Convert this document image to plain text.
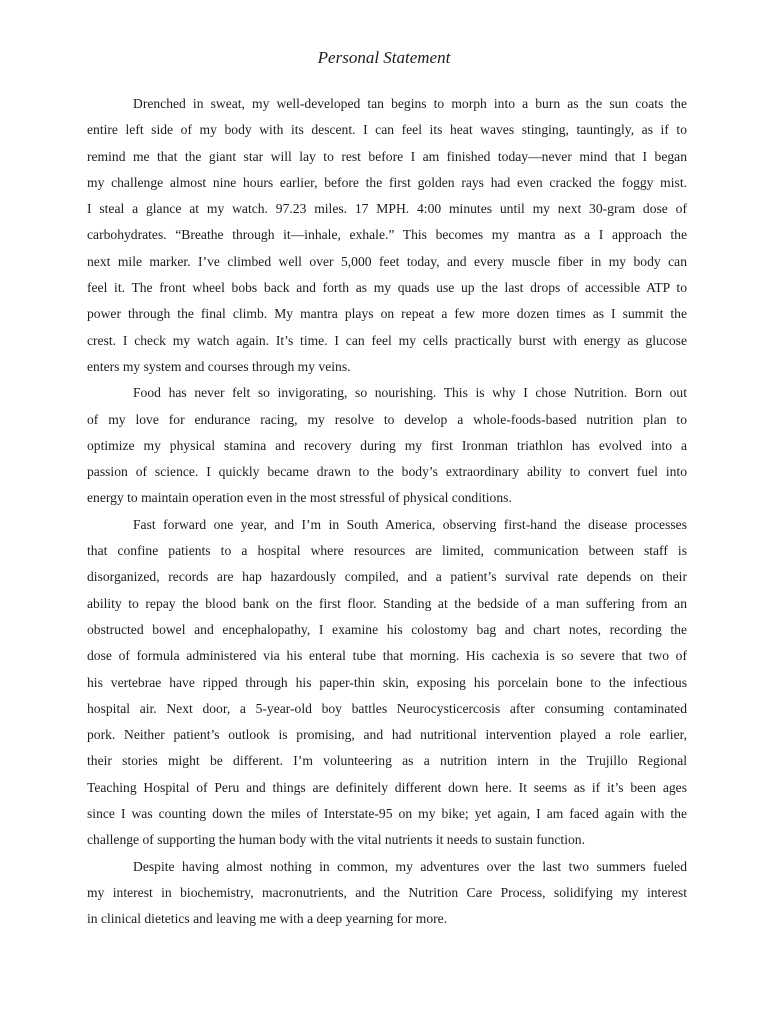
Personal Statement
Drenched in sweat, my well-developed tan begins to morph into a burn as the sun coats the
entire left side of my body with its descent. I can feel its heat waves stinging, tauntingly, as if to
remind me that the giant star will lay to rest before I am finished today—never mind that I began
my challenge almost nine hours earlier, before the first golden rays had even cracked the foggy mist.
I steal a glance at my watch. 97.23 miles. 17 MPH. 4:00 minutes until my next 30-gram dose of
carbohydrates. “Breathe through it—inhale, exhale.” This becomes my mantra as a I approach the
next mile marker. I’ve climbed well over 5,000 feet today, and every muscle fiber in my body can
feel it. The front wheel bobs back and forth as my quads use up the last drops of accessible ATP to
power through the final climb. My mantra plays on repeat a few more dozen times as I summit the
crest. I check my watch again. It’s time. I can feel my cells practically burst with energy as glucose
enters my system and courses through my veins.
Food has never felt so invigorating, so nourishing. This is why I chose Nutrition. Born out
of my love for endurance racing, my resolve to develop a whole-foods-based nutrition plan to
optimize my physical stamina and recovery during my first Ironman triathlon has evolved into a
passion of science. I quickly became drawn to the body’s extraordinary ability to convert fuel into
energy to maintain operation even in the most stressful of physical conditions.
Fast forward one year, and I’m in South America, observing first-hand the disease processes
that confine patients to a hospital where resources are limited, communication between staff is
disorganized, records are hap hazardously compiled, and a patient’s survival rate depends on their
ability to repay the blood bank on the first floor. Standing at the bedside of a man suffering from an
obstructed bowel and encephalopathy, I examine his colostomy bag and chart notes, recording the
dose of formula administered via his enteral tube that morning. His cachexia is so severe that two of
his vertebrae have ripped through his paper-thin skin, exposing his porcelain bone to the infectious
hospital air. Next door, a 5-year-old boy battles Neurocysticercosis after consuming contaminated
pork. Neither patient’s outlook is promising, and had nutritional intervention played a role earlier,
their stories might be different. I’m volunteering as a nutrition intern in the Trujillo Regional
Teaching Hospital of Peru and things are definitely different down here. It seems as if it’s been ages
since I was counting down the miles of Interstate-95 on my bike; yet again, I am faced again with the
challenge of supporting the human body with the vital nutrients it needs to sustain function.
Despite having almost nothing in common, my adventures over the last two summers fueled
my interest in biochemistry, macronutrients, and the Nutrition Care Process, solidifying my interest
in clinical dietetics and leaving me with a deep yearning for more.
